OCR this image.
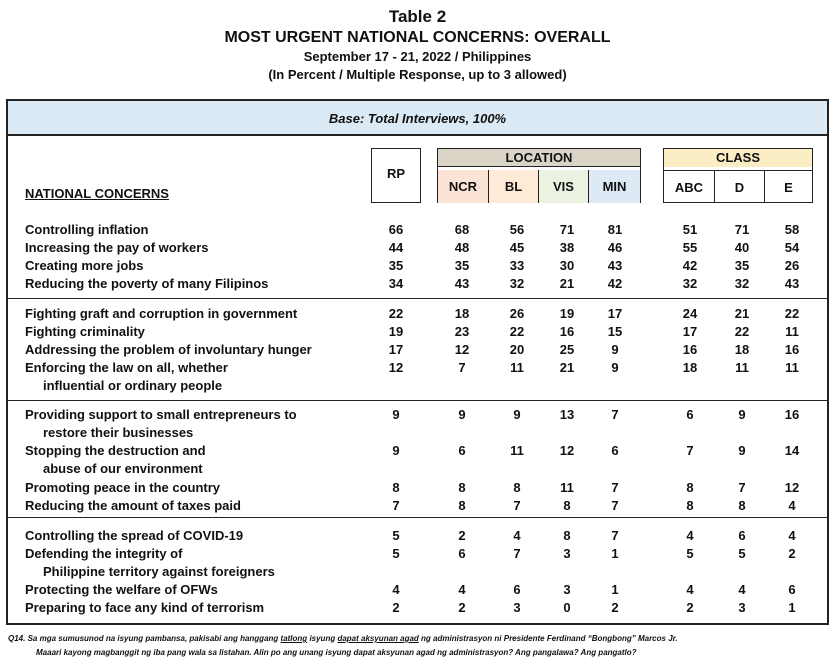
Table 2
MOST URGENT NATIONAL CONCERNS: OVERALL
September 17 - 21, 2022 / Philippines
(In Percent / Multiple Response, up to 3 allowed)
Base: Total Interviews, 100%
RP
LOCATION
NCR	BL	VIS	MIN
CLASS
ABC	D	E
NATIONAL CONCERNS
Controlling inflation	66	68	56	71	81	51	71	58
Increasing the pay of workers	44	48	45	38	46	55	40	54
Creating more jobs	35	35	33	30	43	42	35	26
Reducing the poverty of many Filipinos	34	43	32	21	42	32	32	43
Fighting graft and corruption in government	22	18	26	19	17	24	21	22
Fighting criminality	19	23	22	16	15	17	22	11
Addressing the problem of involuntary hunger	17	12	20	25	9	16	18	16
Enforcing the law on all, whether
influential or ordinary people
12	7	11	21	9	18	11	11
Providing support to small entrepreneurs to
restore their businesses
9	9	9	13	7	6	9	16
Stopping the destruction and
abuse of our environment
9	6	11	12	6	7	9	14
Promoting peace in the country	8	8	8	11	7	8	7	12
Reducing the amount of taxes paid	7	8	7	8	7	8	8	4
Controlling the spread of COVID-19	5	2	4	8	7	4	6	4
Defending the integrity of
Philippine territory against foreigners
5	6	7	3	1	5	5	2
Protecting the welfare of OFWs	4	4	6	3	1	4	4	6
Preparing to face any kind of terrorism	2	2	3	0	2	2	3	1
Q14. Sa mga sumusunod na isyung pambansa, pakisabi ang hanggang tatlong isyung dapat aksyunan agad ng administrasyon ni Presidente Ferdinand “Bongbong” Marcos Jr.
Maaari kayong magbanggit ng iba pang wala sa listahan. Alin po ang unang isyung dapat aksyunan agad ng administrasyon? Ang pangalawa? Ang pangatlo?
